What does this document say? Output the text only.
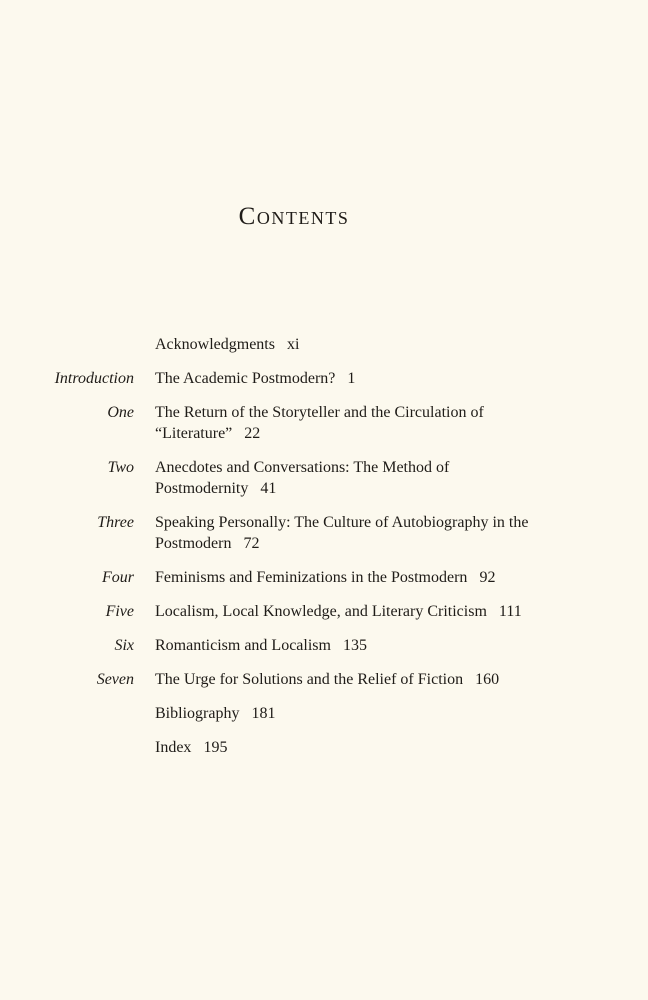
Contents
Acknowledgments xi
Introduction The Academic Postmodern? 1
One The Return of the Storyteller and the Circulation of “Literature” 22
Two Anecdotes and Conversations: The Method of Postmodernity 41
Three Speaking Personally: The Culture of Autobiography in the Postmodern 72
Four Feminisms and Feminizations in the Postmodern 92
Five Localism, Local Knowledge, and Literary Criticism 111
Six Romanticism and Localism 135
Seven The Urge for Solutions and the Relief of Fiction 160
Bibliography 181
Index 195
